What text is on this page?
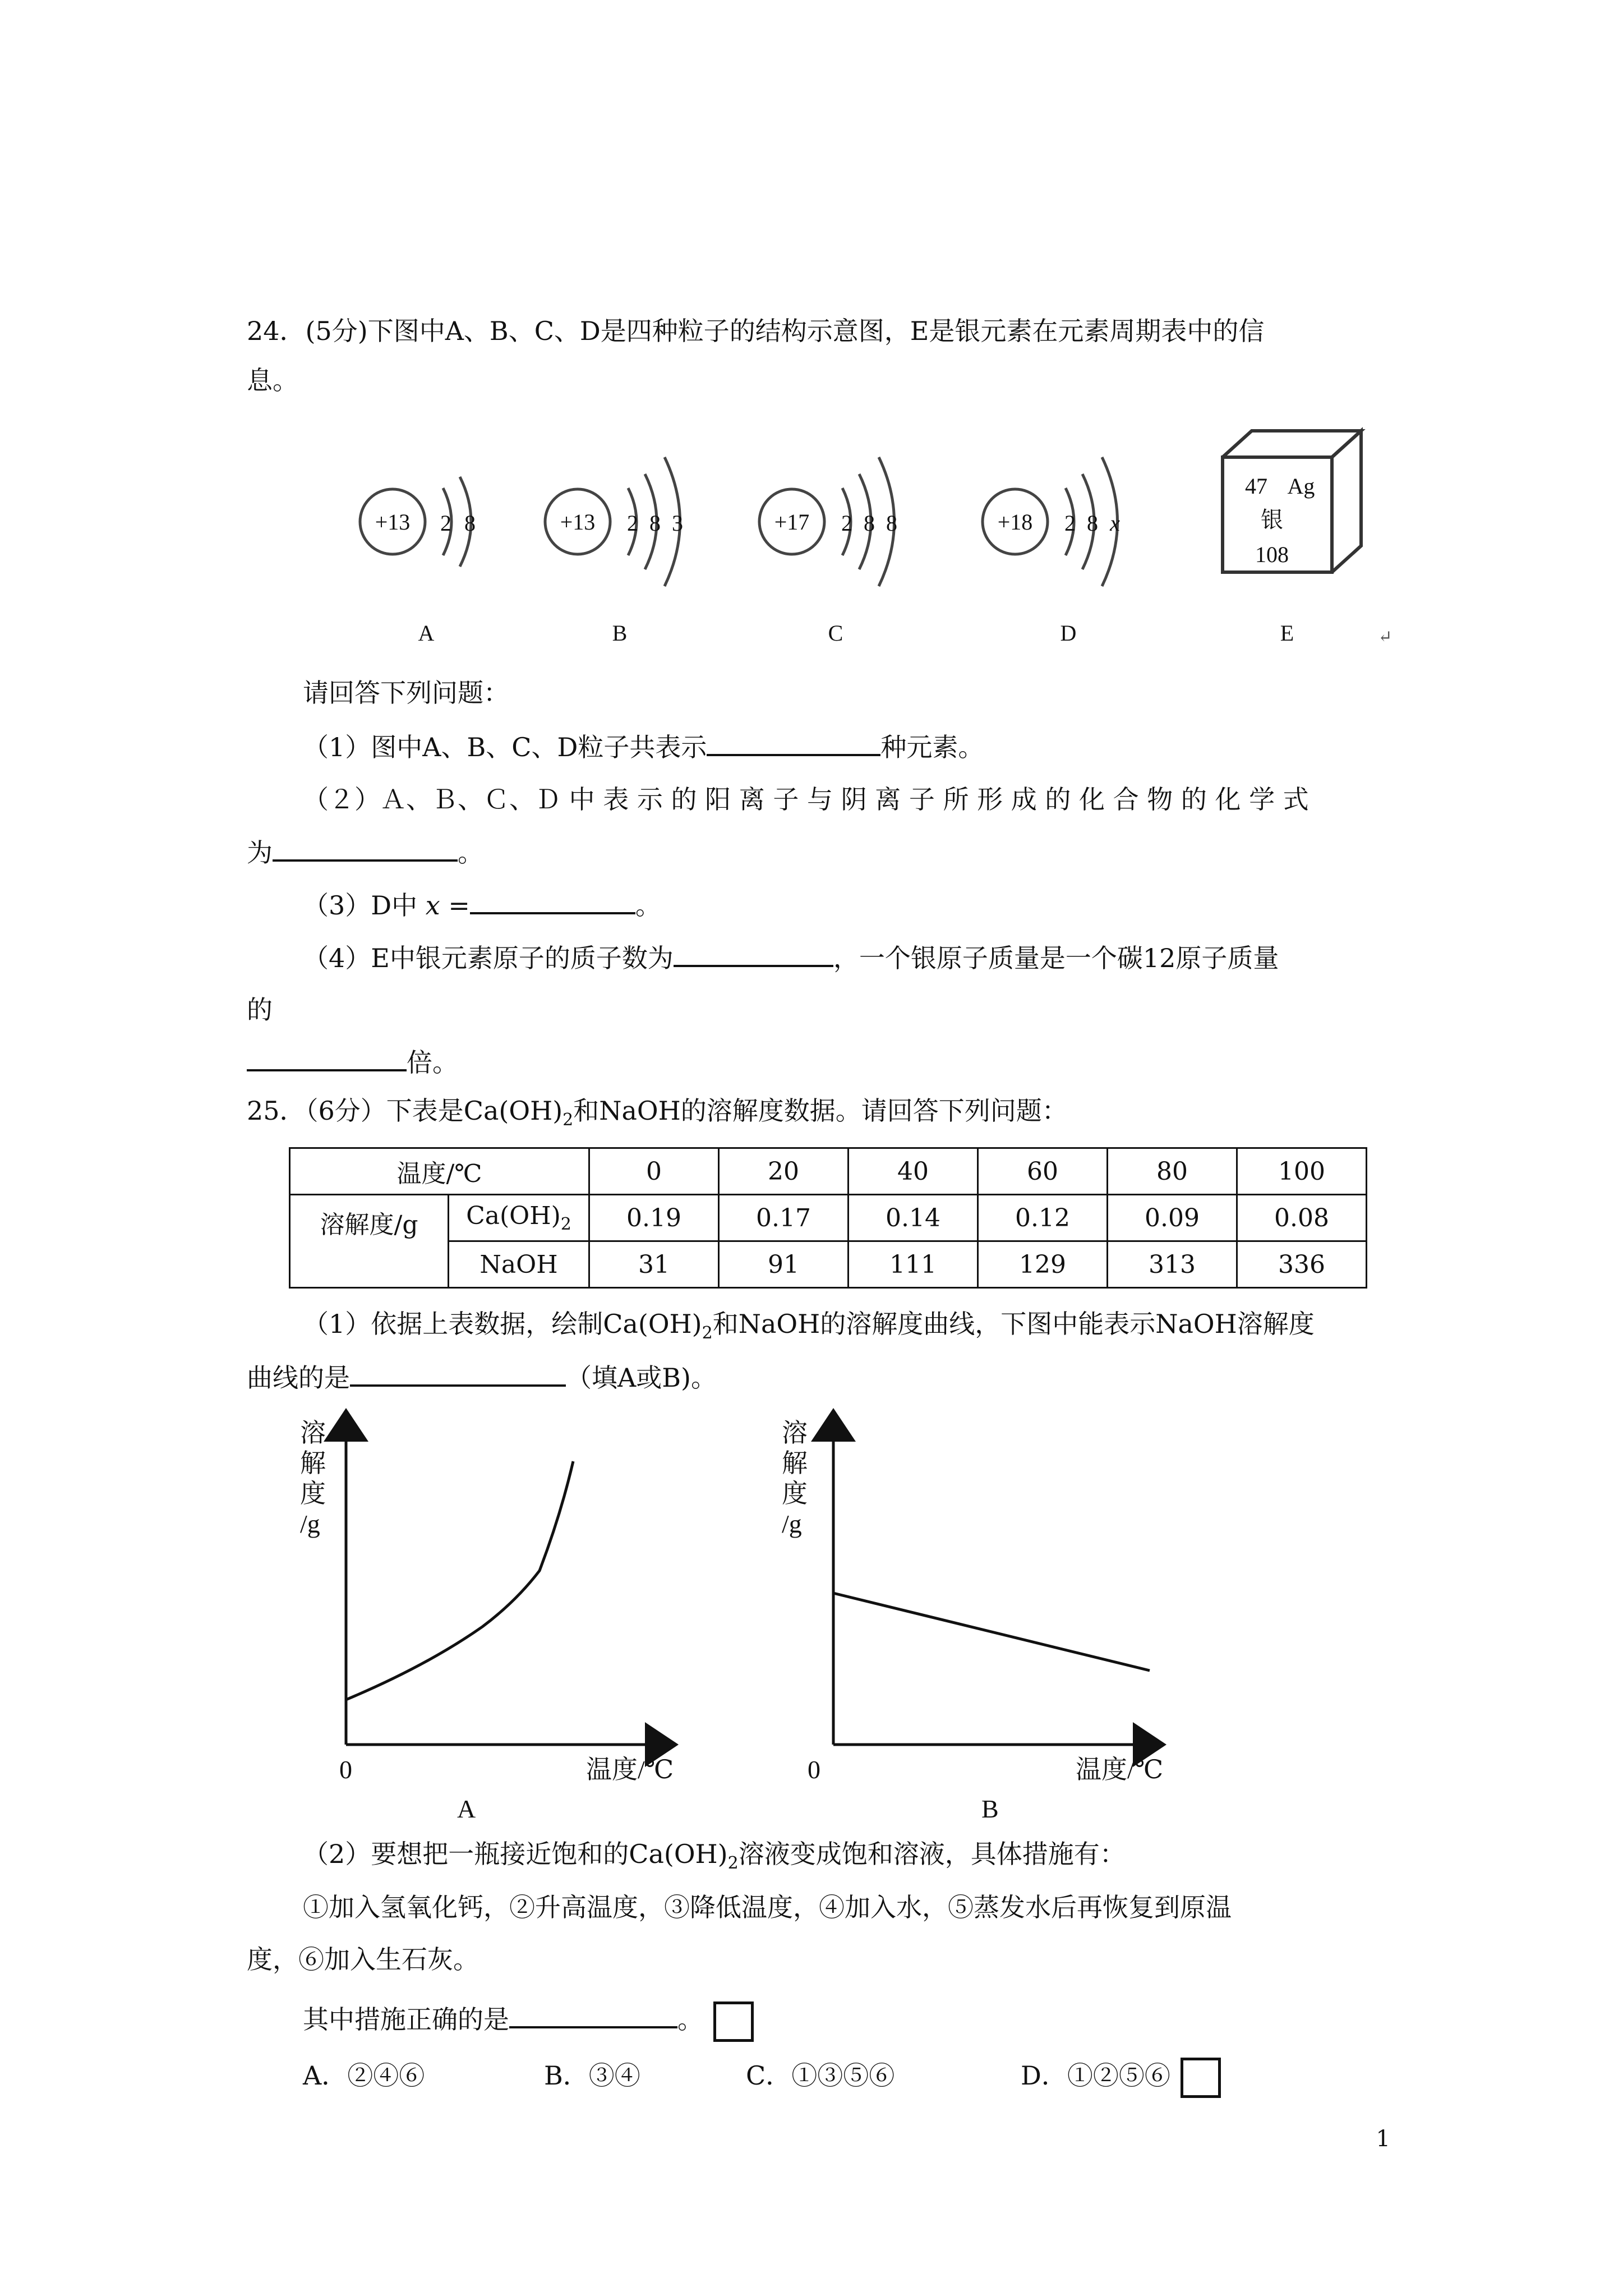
24．(5分)下图中A、B、C、D是四种粒子的结构示意图，E是银元素在元素周期表中的信
息。
+13 2 8
A
+13 2 8 3
B
+17 2 8 8
C
+18 2 8 x
D
47 Ag
银
108
E	↵
请回答下列问题：
（1）图中A、B、C、D粒子共表示	种元素。
（２）Ａ、Ｂ、Ｃ、Ｄ 中 表 示 的 阳 离 子 与 阴 离 子 所 形 成 的 化 合 物 的 化 学 式
为	。
（3）D中 x =	。
（4）E中银元素原子的质子数为	，一个银原子质量是一个碳12原子质量
的
倍。
25．（6分）下表是$Ca(OH)_2$和NaOH的溶解度数据。请回答下列问题：
温度/℃		0	20	40	60	80	100
溶解度/g	$Ca(OH)_2$	0.19	0.17	0.14	0.12	0.09	0.08
	NaOH	31	91	111	129	313	336
（1）依据上表数据，绘制$Ca(OH)_2$和NaOH的溶解度曲线，下图中能表示NaOH溶解度
曲线的是	（填A或B)。
溶
解
度
/g
0	温度/℃
A
溶
解
度
/g
0	温度/℃
B
（2）要想把一瓶接近饱和的$Ca(OH)_2$溶液变成饱和溶液，具体措施有：
①加入氢氧化钙，②升高温度，③降低温度，④加入水，⑤蒸发水后再恢复到原温
度，⑥加入生石灰。
其中措施正确的是	。
A．②④⑥	B．③④	C．①③⑤⑥	D．①②⑤⑥
1
